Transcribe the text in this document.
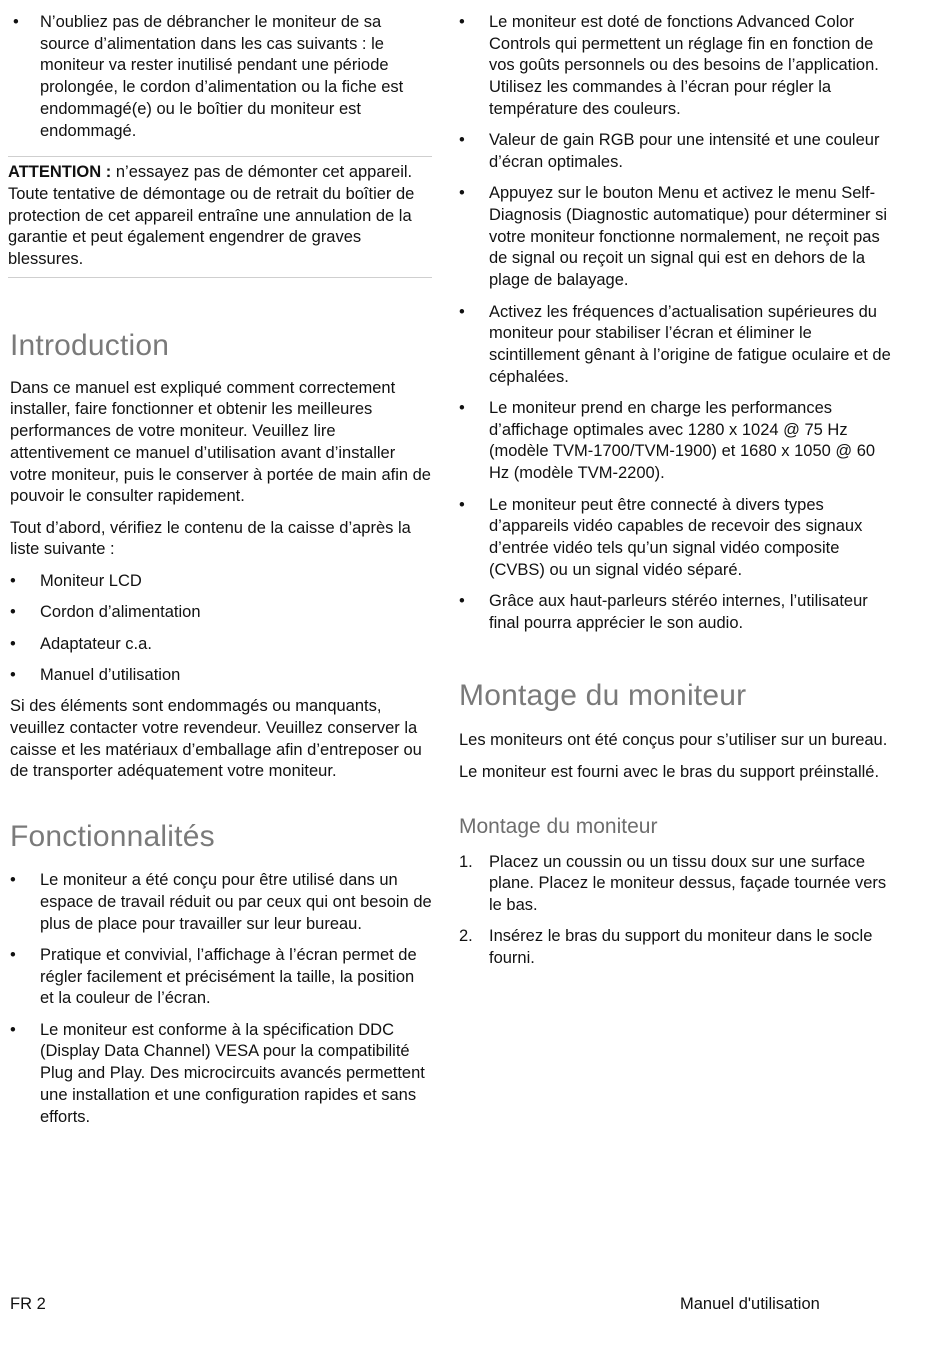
• N’oubliez pas de débrancher le moniteur de sa source d’alimentation dans les cas suivants : le moniteur va rester inutilisé pendant une période prolongée, le cordon d’alimentation ou la fiche est endommagé(e) ou le boîtier du moniteur est endommagé.
ATTENTION : n’essayez pas de démonter cet appareil. Toute tentative de démontage ou de retrait du boîtier de protection de cet appareil entraîne une annulation de la garantie et peut également engendrer de graves blessures.
Introduction

Dans ce manuel est expliqué comment correctement installer, faire fonctionner et obtenir les meilleures performances de votre moniteur. Veuillez lire attentivement ce manuel d’utilisation avant d’installer votre moniteur, puis le conserver à portée de main afin de pouvoir le consulter rapidement.

Tout d’abord, vérifiez le contenu de la caisse d’après la liste suivante :

• Moniteur LCD
• Cordon d’alimentation
• Adaptateur c.a.
• Manuel d’utilisation

Si des éléments sont endommagés ou manquants, veuillez contacter votre revendeur. Veuillez conserver la caisse et les matériaux d’emballage afin d’entreposer ou de transporter adéquatement votre moniteur.

Fonctionnalités
• Le moniteur a été conçu pour être utilisé dans un espace de travail réduit ou par ceux qui ont besoin de plus de place pour travailler sur leur bureau.
• Pratique et convivial, l’affichage à l’écran permet de régler facilement et précisément la taille, la position et la couleur de l’écran.
• Le moniteur est conforme à la spécification DDC (Display Data Channel) VESA pour la compatibilité Plug and Play. Des microcircuits avancés permettent une installation et une configuration rapides et sans efforts.
• Le moniteur est doté de fonctions Advanced Color Controls qui permettent un réglage fin en fonction de vos goûts personnels ou des besoins de l’application. Utilisez les commandes à l’écran pour régler la température des couleurs.
• Valeur de gain RGB pour une intensité et une couleur d’écran optimales.
• Appuyez sur le bouton Menu et activez le menu Self-Diagnosis (Diagnostic automatique) pour déterminer si votre moniteur fonctionne normalement, ne reçoit pas de signal ou reçoit un signal qui est en dehors de la plage de balayage.
• Activez les fréquences d’actualisation supérieures du moniteur pour stabiliser l’écran et éliminer le scintillement gênant à l’origine de fatigue oculaire et de céphalées.
• Le moniteur prend en charge les performances d’affichage optimales avec 1280 x 1024 @ 75 Hz (modèle TVM-1700/TVM-1900) et 1680 x 1050 @ 60 Hz (modèle TVM-2200).
• Le moniteur peut être connecté à divers types d’appareils vidéo capables de recevoir des signaux d’entrée vidéo tels qu’un signal vidéo composite (CVBS) ou un signal vidéo séparé.
• Grâce aux haut-parleurs stéréo internes, l’utilisateur final pourra apprécier le son audio.
Montage du moniteur

Les moniteurs ont été conçus pour s’utiliser sur un bureau.

Le moniteur est fourni avec le bras du support préinstallé.

Montage du moniteur
1. Placez un coussin ou un tissu doux sur une surface plane. Placez le moniteur dessus, façade tournée vers le bas.
2. Insérez le bras du support du moniteur dans le socle fourni.
FR 2	Manuel d'utilisation
